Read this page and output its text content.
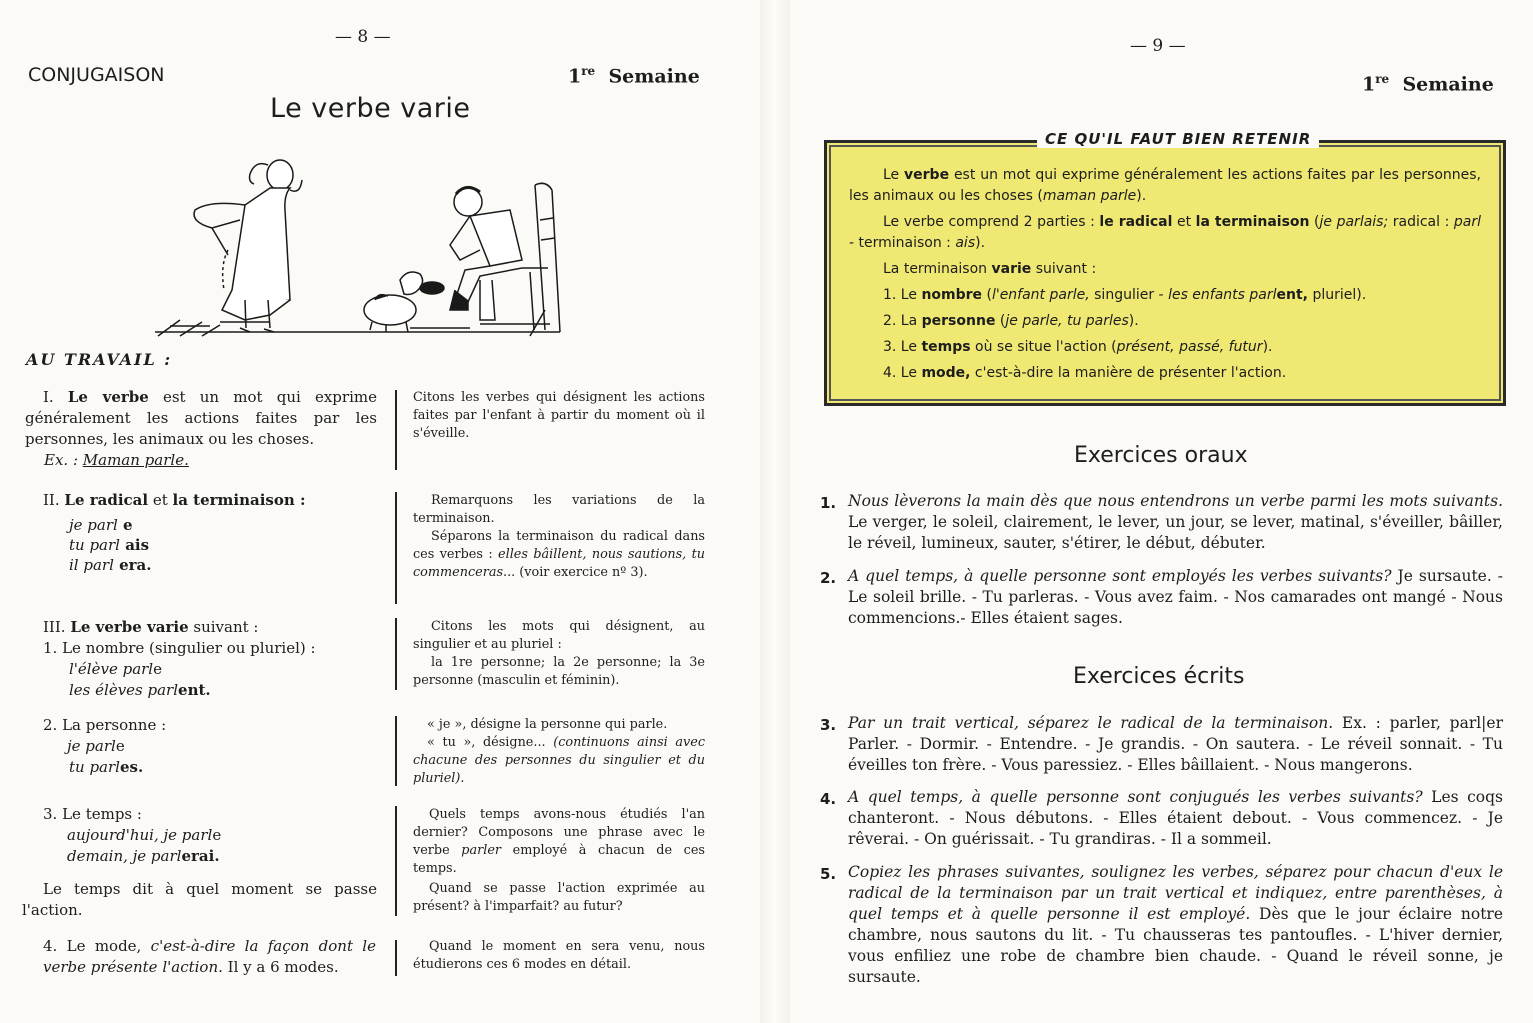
— 8 —
CONJUGAISON	1re Semaine
Le verbe varie
AU TRAVAIL :
I. Le verbe est un mot qui exprime généralement les actions faites par les personnes, les animaux ou les choses.
Ex. : Maman parle.
Citons les verbes qui désignent les actions faites par l'enfant à partir du moment où il s'éveille.
II. Le radical et la terminaison :
je parl e
tu parl ais
il parl era.
Remarquons les variations de la terminaison.
Séparons la terminaison du radical dans ces verbes : elles bâillent, nous sautions, tu commenceras... (voir exercice nº 3).
III. Le verbe varie suivant :
1. Le nombre (singulier ou pluriel) :
l'élève parle
les élèves parlent.
Citons les mots qui désignent, au singulier et au pluriel :
la 1re personne; la 2e personne; la 3e personne (masculin et féminin).
2. La personne :
je parle
tu parles.
« je », désigne la personne qui parle.
« tu », désigne... (continuons ainsi avec chacune des personnes du singulier et du pluriel).
3. Le temps :
aujourd'hui, je parle
demain, je parlerai.
Le temps dit à quel moment se passe l'action.
Quels temps avons-nous étudiés l'an dernier? Composons une phrase avec le verbe parler employé à chacun de ces temps.
Quand se passe l'action exprimée au présent? à l'imparfait? au futur?
4. Le mode, c'est-à-dire la façon dont le verbe présente l'action. Il y a 6 modes.
Quand le moment en sera venu, nous étudierons ces 6 modes en détail.
— 9 —
1re Semaine
CE QU'IL FAUT BIEN RETENIR
Le verbe est un mot qui exprime généralement les actions faites par les personnes, les animaux ou les choses (maman parle).
Le verbe comprend 2 parties : le radical et la terminaison (je parlais; radical : parl - terminaison : ais).
La terminaison varie suivant :
1. Le nombre (l'enfant parle, singulier - les enfants parlent, pluriel).
2. La personne (je parle, tu parles).
3. Le temps où se situe l'action (présent, passé, futur).
4. Le mode, c'est-à-dire la manière de présenter l'action.
Exercices oraux
1. Nous lèverons la main dès que nous entendrons un verbe parmi les mots suivants. Le verger, le soleil, clairement, le lever, un jour, se lever, matinal, s'éveiller, bâiller, le réveil, lumineux, sauter, s'étirer, le début, débuter.
2. A quel temps, à quelle personne sont employés les verbes suivants? Je sursaute. - Le soleil brille. - Tu parleras. - Vous avez faim. - Nos camarades ont mangé - Nous commencions.- Elles étaient sages.
Exercices écrits
3. Par un trait vertical, séparez le radical de la terminaison. Ex. : parler, parl|er Parler. - Dormir. - Entendre. - Je grandis. - On sautera. - Le réveil sonnait. - Tu éveilles ton frère. - Vous paressiez. - Elles bâillaient. - Nous mangerons.
4. A quel temps, à quelle personne sont conjugués les verbes suivants? Les coqs chanteront. - Nous débutons. - Elles étaient debout. - Vous commencez. - Je rêverai. - On guérissait. - Tu grandiras. - Il a sommeil.
5. Copiez les phrases suivantes, soulignez les verbes, séparez pour chacun d'eux le radical de la terminaison par un trait vertical et indiquez, entre parenthèses, à quel temps et à quelle personne il est employé. Dès que le jour éclaire notre chambre, nous sautons du lit. - Tu chausseras tes pantoufles. - L'hiver dernier, vous enfiliez une robe de chambre bien chaude. - Quand le réveil sonne, je sursaute.
